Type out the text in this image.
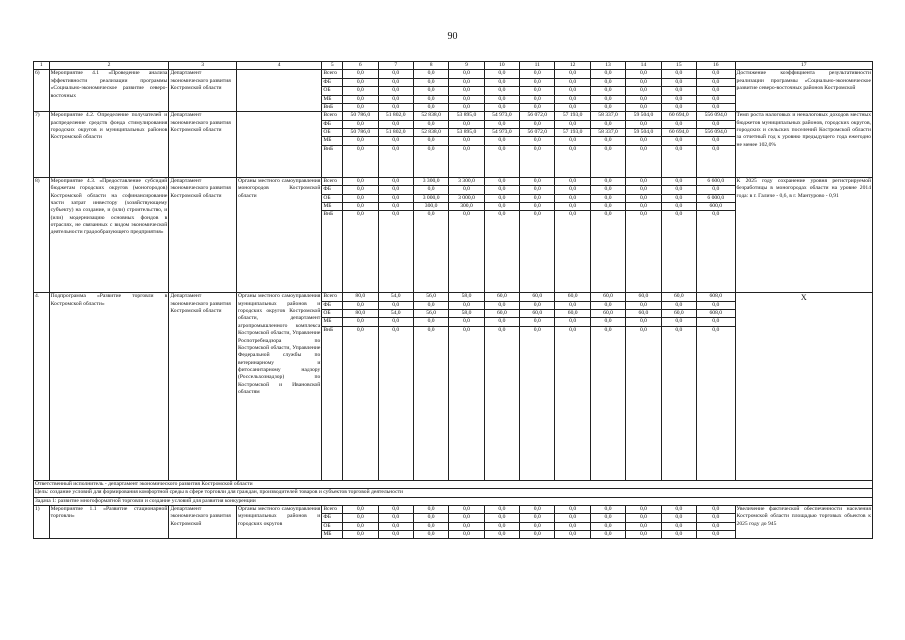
90
1	2	3	4	5	6	7	8	9	10	11	12	13	14	15	16	17
6)	Мероприятие 4.1 «Проведение анализа эффективности реализации программы «Социально-экономическое развитие северо-восточных	Департамент экономического развития Костромской области		Всего	0,0	0,0	0,0	0,0	0,0	0,0	0,0	0,0	0,0	0,0	0,0	Достижение коэффициента результативности реализации программы «Социально-экономическое развитие северо-восточных районов Костромской
				ФБ	0,0	0,0	0,0	0,0	0,0	0,0	0,0	0,0	0,0	0,0	0,0	
				ОБ	0,0	0,0	0,0	0,0	0,0	0,0	0,0	0,0	0,0	0,0	0,0	
				МБ	0,0	0,0	0,0	0,0	0,0	0,0	0,0	0,0	0,0	0,0	0,0	
				ВнБ	0,0	0,0	0,0	0,0	0,0	0,0	0,0	0,0	0,0	0,0	0,0	
7)	Мероприятие 4.2. Определение получателей и распределение средств фонда стимулирования городских округов и муниципальных районов Костромской области	Департамент экономического развития Костромской области		Всего	50 786,0	51 802,0	52 838,0	53 895,0	54 973,0	56 072,0	57 193,0	58 337,0	59 504,0	60 694,0	556 094,0	Темп роста налоговых и неналоговых доходов местных бюджетов муниципальных районов, городских округов, городских и сельских поселений Костромской области за отчетный год к уровню предыдущего года ежегодно не менее 102,0%
				ФБ	0,0	0,0	0,0	0,0	0,0	0,0	0,0	0,0	0,0	0,0	0,0	
				ОБ	50 786,0	51 802,0	52 838,0	53 895,0	54 973,0	56 072,0	57 193,0	58 337,0	59 504,0	60 694,0	556 094,0	
				МБ	0,0	0,0	0,0	0,0	0,0	0,0	0,0	0,0	0,0	0,0	0,0	
				ВнБ	0,0	0,0	0,0	0,0	0,0	0,0	0,0	0,0	0,0	0,0	0,0	
8)	Мероприятие 4.3. «Предоставление субсидий бюджетам городских округов (моногородов) Костромской области на софинансирование части затрат инвестору (хозяйствующему субъекту) на создание, и (или) строительство, и (или) модернизацию основных фондов в отраслях, не связанных с видом экономической деятельности градообразующего предприятия»	Департамент экономического развития Костромской области	Органы местного самоуправления моногородов Костромской области	Всего	0,0	0,0	3 300,0	3 300,0	0,0	0,0	0,0	0,0	0,0	0,0	6 600,0	К 2025 году сохранение уровня регистрируемой безработицы в моногородах области на уровне 2014 года: в г. Галиче - 0,6, в г. Мантурово - 0,91
				ФБ	0,0	0,0	0,0	0,0	0,0	0,0	0,0	0,0	0,0	0,0	0,0	
				ОБ	0,0	0,0	3 000,0	3 000,0	0,0	0,0	0,0	0,0	0,0	0,0	6 000,0	
				МБ	0,0	0,0	300,0	300,0	0,0	0,0	0,0	0,0	0,0	0,0	600,0	
				ВнБ	0,0	0,0	0,0	0,0	0,0	0,0	0,0	0,0	0,0	0,0	0,0	
4.	Подпрограмма «Развитие торговли в Костромской области»	Департамент экономического развития Костромской области	Органы местного самоуправления муниципальных районов и городских округов Костромской области, департамент агропромышленного комплекса Костромской области, Управление Роспотребнадзора по Костромской области, Управление Федеральной службы по ветеринарному и фитосанитарному надзору (Россельхознадзор) по Костромской и Ивановской областям	Всего	80,0	54,0	56,0	58,0	60,0	60,0	60,0	60,0	60,0	60,0	608,0	X
				ФБ	0,0	0,0	0,0	0,0	0,0	0,0	0,0	0,0	0,0	0,0	0,0	
				ОБ	80,0	54,0	56,0	58,0	60,0	60,0	60,0	60,0	60,0	60,0	608,0	
				МБ	0,0	0,0	0,0	0,0	0,0	0,0	0,0	0,0	0,0	0,0	0,0	
				ВнБ	0,0	0,0	0,0	0,0	0,0	0,0	0,0	0,0	0,0	0,0	0,0	
Ответственный исполнитель - департамент экономического развития Костромской области																
Цель: создание условий для формирования комфортной среды в сфере торговли для граждан, производителей товаров и субъектов торговой деятельности																
Задача 1: развитие многоформатной торговли и создание условий для развития конкуренции																
1)	Мероприятие 1.1 «Развитие стационарной торговли»	Департамент экономического развития Костромской	Органы местного самоуправления муниципальных районов и городских округов	Всего	0,0	0,0	0,0	0,0	0,0	0,0	0,0	0,0	0,0	0,0	0,0	Увеличение фактической обеспеченности населения Костромской области площадью торговых объектов к 2025 году до 945
				ФБ	0,0	0,0	0,0	0,0	0,0	0,0	0,0	0,0	0,0	0,0	0,0	
				ОБ	0,0	0,0	0,0	0,0	0,0	0,0	0,0	0,0	0,0	0,0	0,0	
				МБ	0,0	0,0	0,0	0,0	0,0	0,0	0,0	0,0	0,0	0,0	0,0	
